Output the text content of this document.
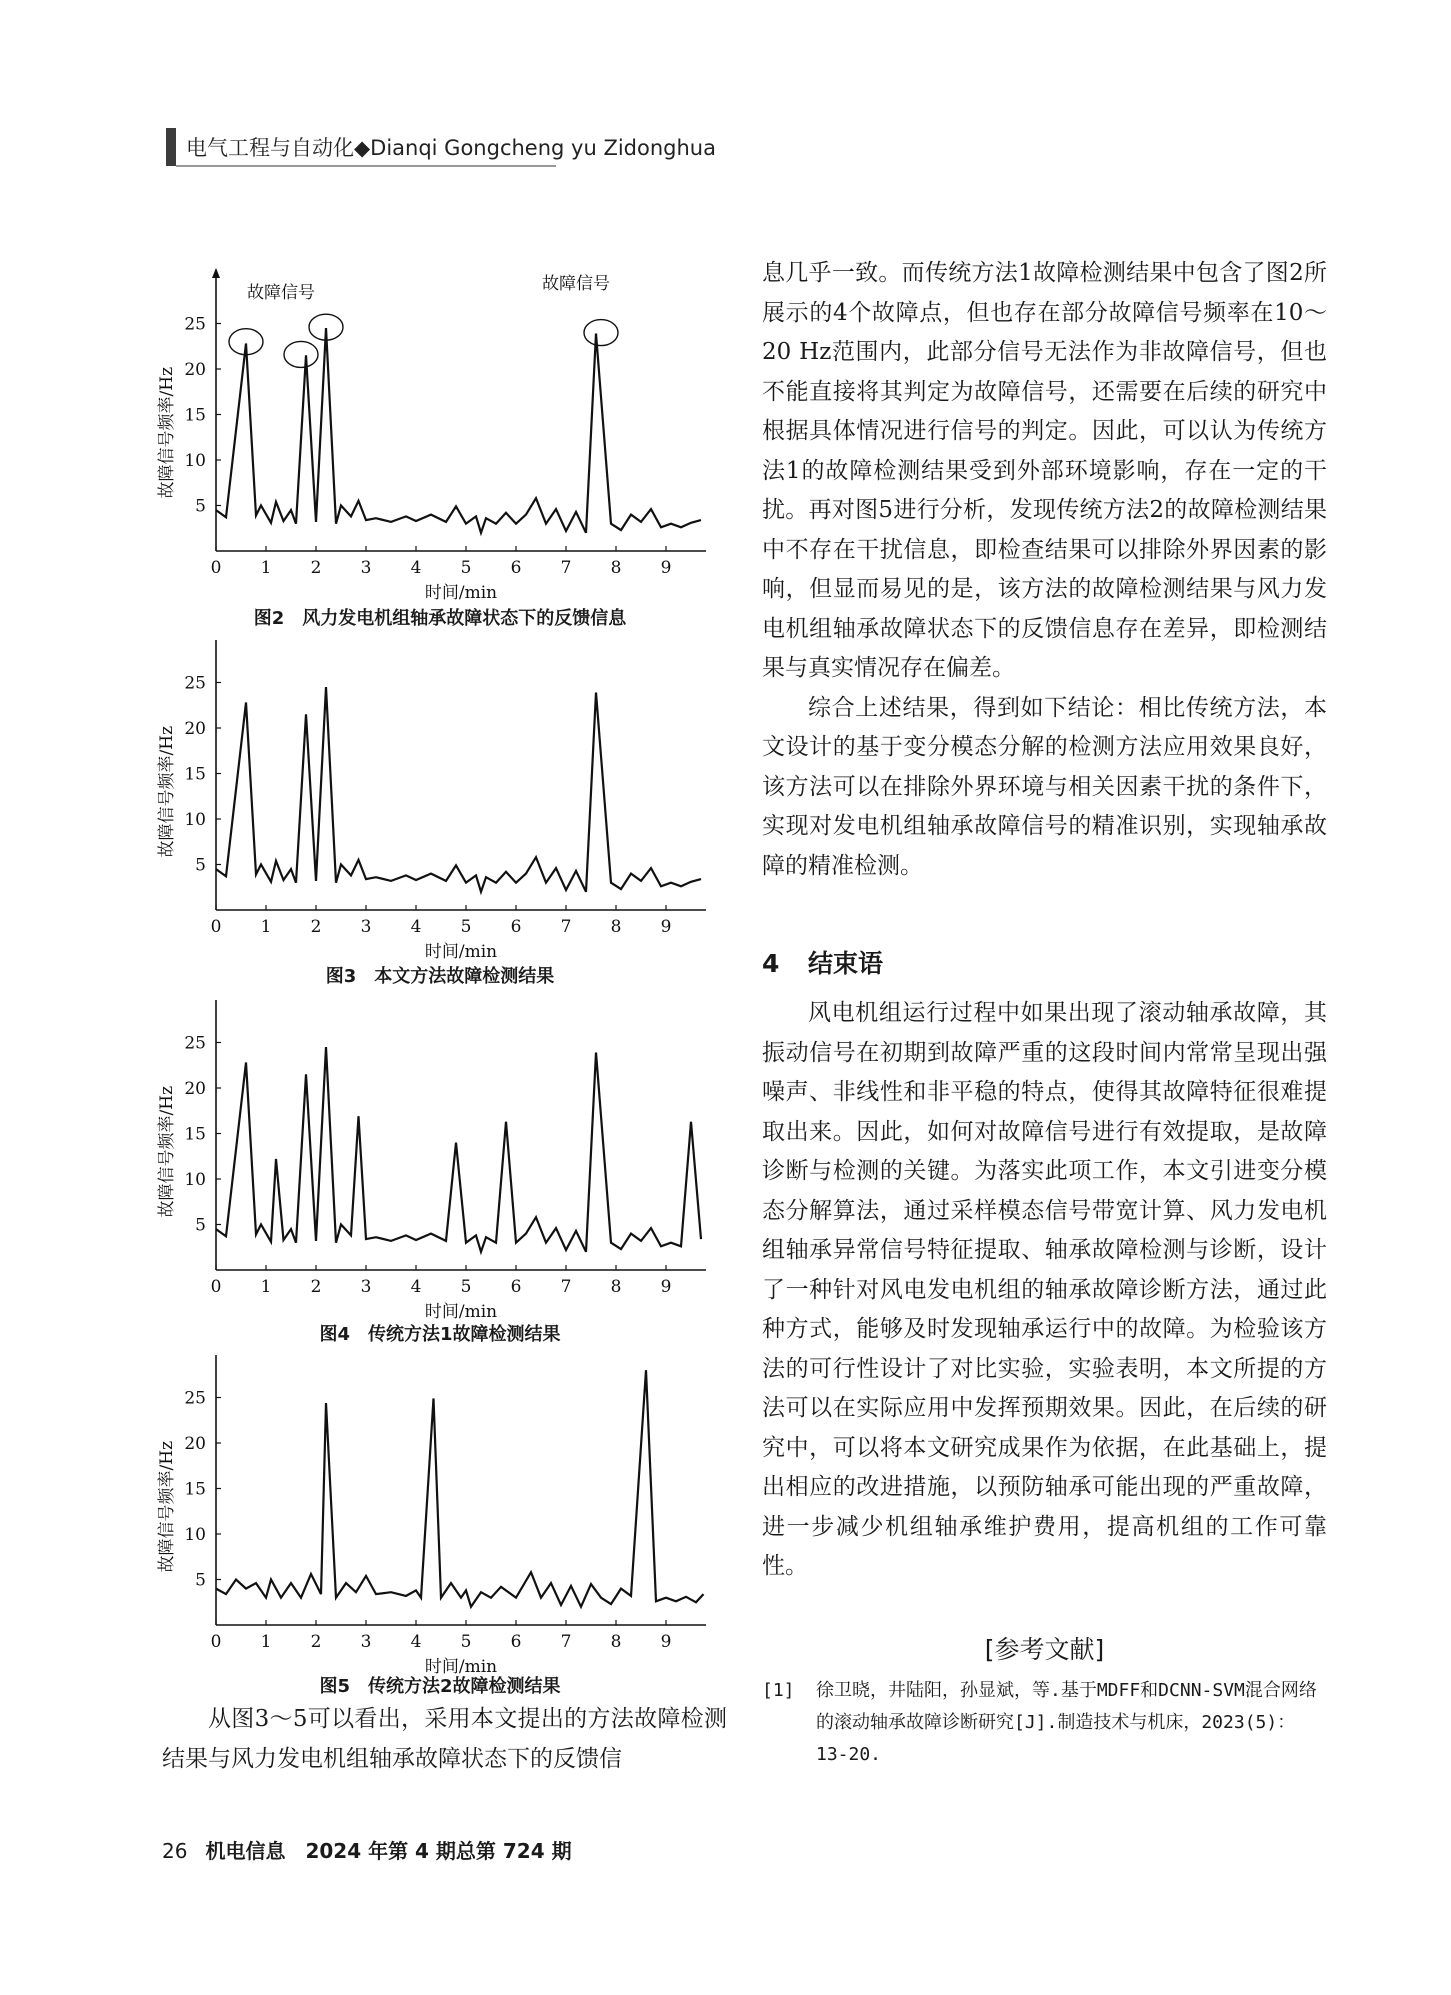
电气工程与自动化◆Dianqi Gongcheng yu Zidonghua
0 1 2 3 4 5 6 7 8 9
5
10
15
20
25
时间/min
故障信号频率/Hz
故障信号	故障信号
图2　风力发电机组轴承故障状态下的反馈信息
0 1 2 3 4 5 6 7 8 9
5
10
15
20
25
时间/min
故障信号频率/Hz
图3　本文方法故障检测结果
0 1 2 3 4 5 6 7 8 9
5
10
15
20
25
时间/min
故障信号频率/Hz
图4　传统方法1故障检测结果
0 1 2 3 4 5 6 7 8 9
5
10
15
20
25
时间/min
故障信号频率/Hz
图5　传统方法2故障检测结果

从图3～5可以看出，采用本文提出的方法故障检测结果与风力发电机组轴承故障状态下的反馈信

息几乎一致。而传统方法1故障检测结果中包含了图2所展示的4个故障点，但也存在部分故障信号频率在10～20 Hz范围内，此部分信号无法作为非故障信号，但也不能直接将其判定为故障信号，还需要在后续的研究中根据具体情况进行信号的判定。因此，可以认为传统方法1的故障检测结果受到外部环境影响，存在一定的干扰。再对图5进行分析，发现传统方法2的故障检测结果中不存在干扰信息，即检查结果可以排除外界因素的影响，但显而易见的是，该方法的故障检测结果与风力发电机组轴承故障状态下的反馈信息存在差异，即检测结果与真实情况存在偏差。

综合上述结果，得到如下结论：相比传统方法，本文设计的基于变分模态分解的检测方法应用效果良好，该方法可以在排除外界环境与相关因素干扰的条件下，实现对发电机组轴承故障信号的精准识别，实现轴承故障的精准检测。

4 结束语

风电机组运行过程中如果出现了滚动轴承故障，其振动信号在初期到故障严重的这段时间内常常呈现出强噪声、非线性和非平稳的特点，使得其故障特征很难提取出来。因此，如何对故障信号进行有效提取，是故障诊断与检测的关键。为落实此项工作，本文引进变分模态分解算法，通过采样模态信号带宽计算、风力发电机组轴承异常信号特征提取、轴承故障检测与诊断，设计了一种针对风电发电机组的轴承故障诊断方法，通过此种方式，能够及时发现轴承运行中的故障。为检验该方法的可行性设计了对比实验，实验表明，本文所提的方法可以在实际应用中发挥预期效果。因此，在后续的研究中，可以将本文研究成果作为依据，在此基础上，提出相应的改进措施，以预防轴承可能出现的严重故障，进一步减少机组轴承维护费用，提高机组的工作可靠性。

[参考文献]
[1] 徐卫晓，井陆阳，孙显斌，等.基于MDFF和DCNN-SVM混合网络的滚动轴承故障诊断研究[J].制造技术与机床，2023(5)：13-20.
26 机电信息　2024 年第 4 期总第 724 期
